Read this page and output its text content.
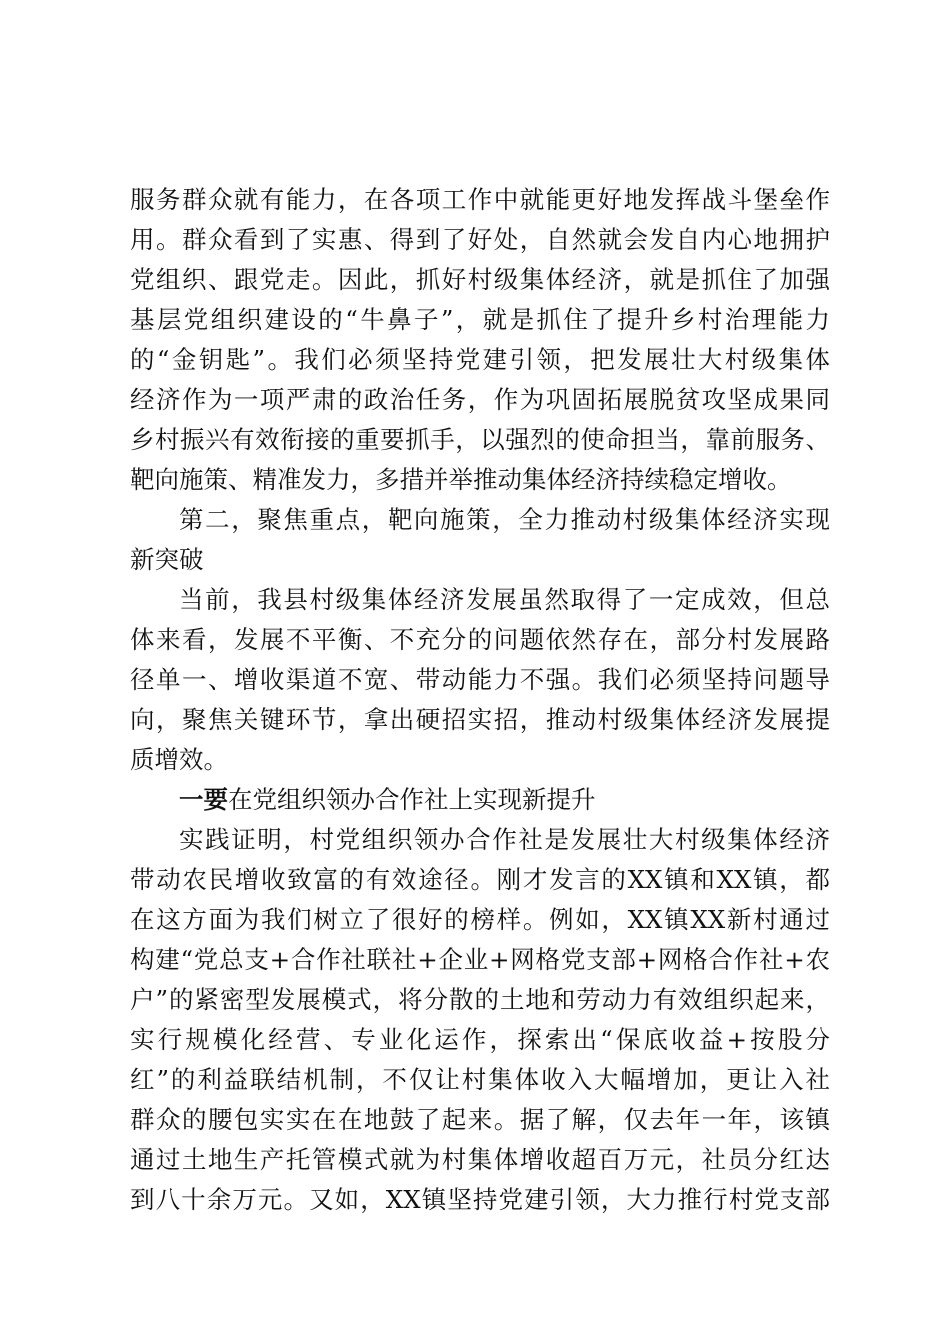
服务群众就有能力，在各项工作中就能更好地发挥战斗堡垒作
用。群众看到了实惠、得到了好处，自然就会发自内心地拥护
党组织、跟党走。因此，抓好村级集体经济，就是抓住了加强
基层党组织建设的“牛鼻子”，就是抓住了提升乡村治理能力
的“金钥匙”。我们必须坚持党建引领，把发展壮大村级集体
经济作为一项严肃的政治任务，作为巩固拓展脱贫攻坚成果同
乡村振兴有效衔接的重要抓手，以强烈的使命担当，靠前服务、
靶向施策、精准发力，多措并举推动集体经济持续稳定增收。
第二，聚焦重点，靶向施策，全力推动村级集体经济实现
新突破
当前，我县村级集体经济发展虽然取得了一定成效，但总
体来看，发展不平衡、不充分的问题依然存在，部分村发展路
径单一、增收渠道不宽、带动能力不强。我们必须坚持问题导
向，聚焦关键环节，拿出硬招实招，推动村级集体经济发展提
质增效。
一要在党组织领办合作社上实现新提升
实践证明，村党组织领办合作社是发展壮大村级集体经济
带动农民增收致富的有效途径。刚才发言的XX镇和XX镇，都
在这方面为我们树立了很好的榜样。例如，XX镇XX新村通过
构建“党总支+合作社联社+企业+网格党支部+网格合作社+农
户”的紧密型发展模式，将分散的土地和劳动力有效组织起来，
实行规模化经营、专业化运作，探索出“保底收益+按股分
红”的利益联结机制，不仅让村集体收入大幅增加，更让入社
群众的腰包实实在在地鼓了起来。据了解，仅去年一年，该镇
通过土地生产托管模式就为村集体增收超百万元，社员分红达
到八十余万元。又如，XX镇坚持党建引领，大力推行村党支部
